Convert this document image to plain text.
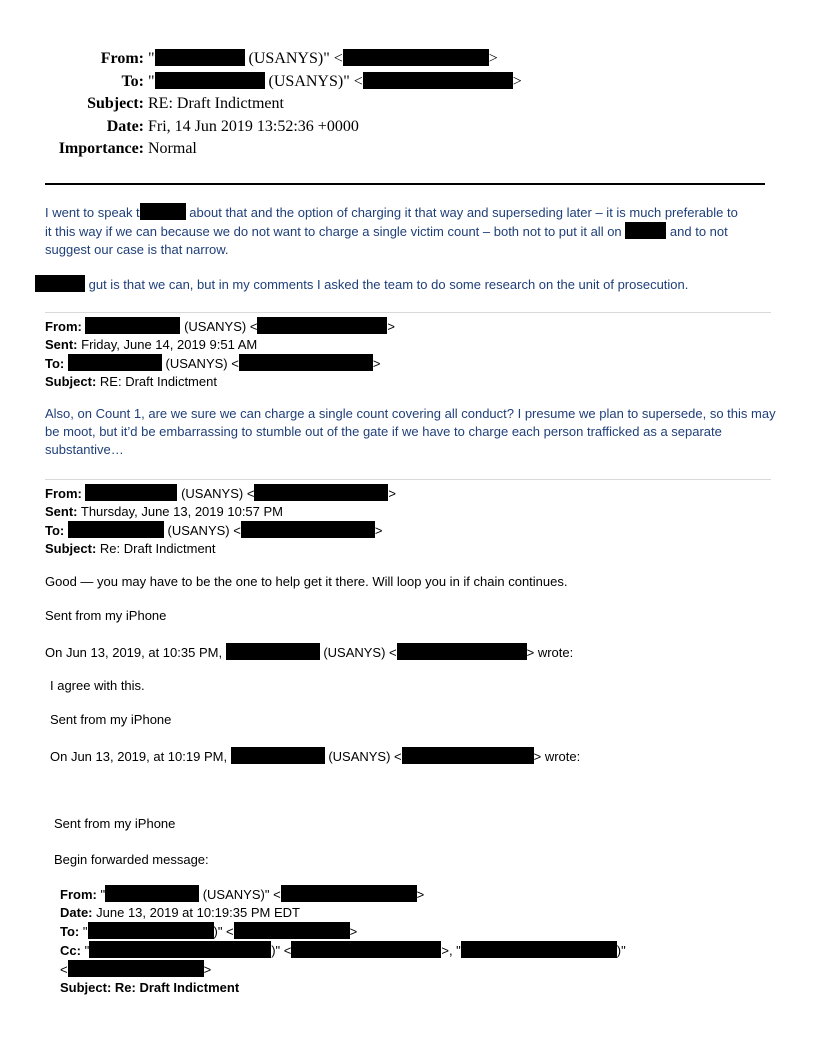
From: "	(USANYS)" <	>
To: "	(USANYS)" <	>
Subject: RE: Draft Indictment
Date: Fri, 14 Jun 2019 13:52:36 +0000
Importance: Normal
I went to speak t	about that and the option of charging it that way and superseding later – it is much preferable to
it this way if we can because we do not want to charge a single victim count – both not to put it all on	and to not
suggest our case is that narrow.
gut is that we can, but in my comments I asked the team to do some research on the unit of prosecution.
From:	(USANYS) <	>
Sent: Friday, June 14, 2019 9:51 AM
To:	(USANYS) <	>
Subject: RE: Draft Indictment
Also, on Count 1, are we sure we can charge a single count covering all conduct? I presume we plan to supersede, so this may be moot, but it’d be embarrassing to stumble out of the gate if we have to charge each person trafficked as a separate substantive…
From:	(USANYS) <	>
Sent: Thursday, June 13, 2019 10:57 PM
To:	(USANYS) <	>
Subject: Re: Draft Indictment
Good — you may have to be the one to help get it there. Will loop you in if chain continues.
Sent from my iPhone
On Jun 13, 2019, at 10:35 PM,	(USANYS) <	> wrote:
I agree with this.
Sent from my iPhone
On Jun 13, 2019, at 10:19 PM,	(USANYS) <	> wrote:
Sent from my iPhone
Begin forwarded message:
From: "	(USANYS)" <	>
Date: June 13, 2019 at 10:19:35 PM EDT
To: "	)" <	>
Cc: "	)" <	>, "	)"
<	>
Subject: Re: Draft Indictment
